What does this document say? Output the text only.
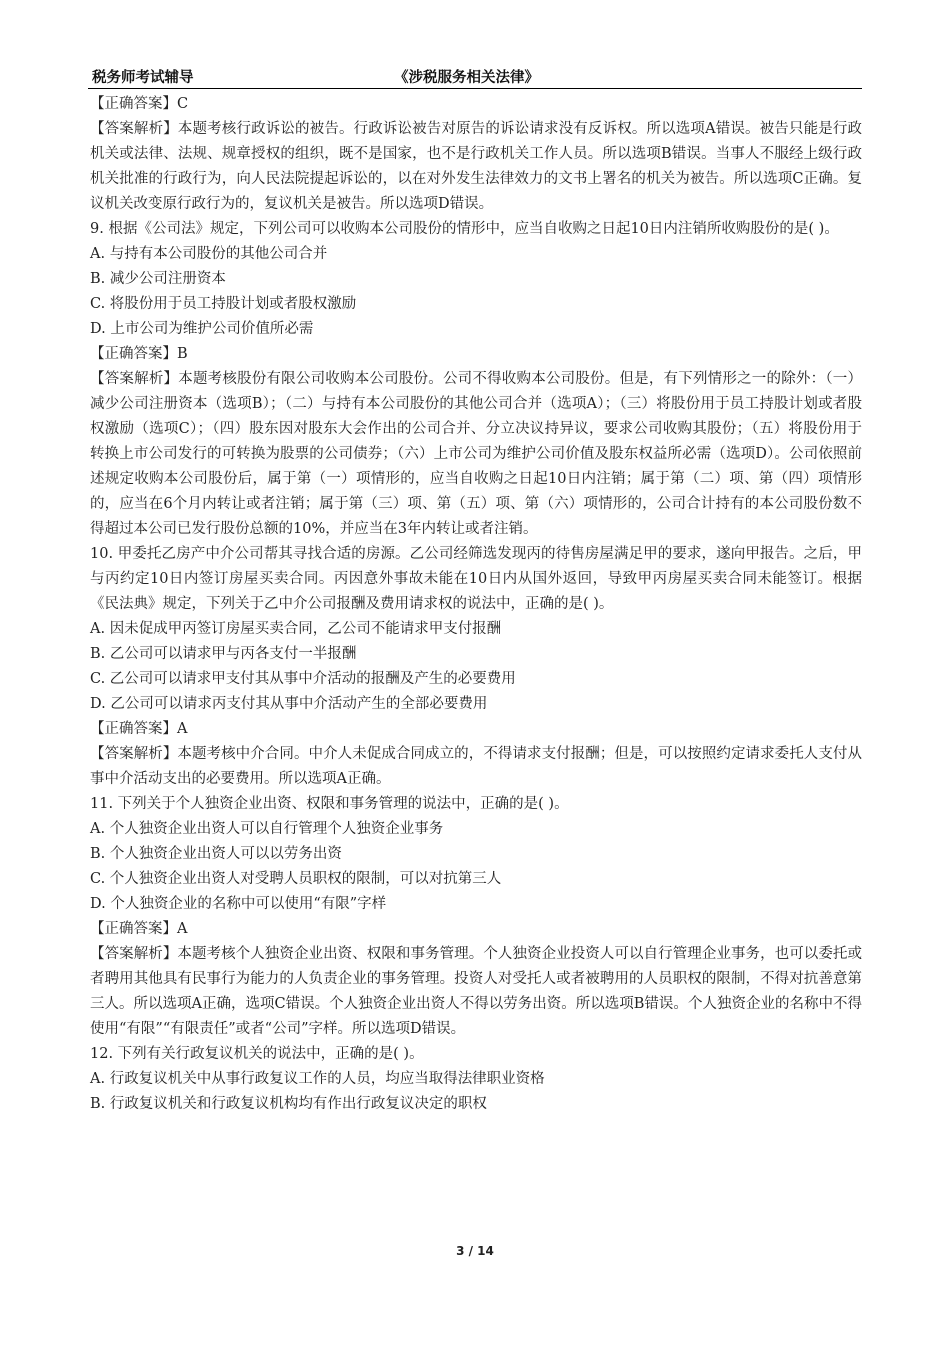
税务师考试辅导	《涉税服务相关法律》

【正确答案】C

【答案解析】本题考核行政诉讼的被告。行政诉讼被告对原告的诉讼请求没有反诉权。所以选项A错误。被告只能是行政机关或法律、法规、规章授权的组织，既不是国家，也不是行政机关工作人员。所以选项B错误。当事人不服经上级行政机关批准的行政行为，向人民法院提起诉讼的，以在对外发生法律效力的文书上署名的机关为被告。所以选项C正确。复议机关改变原行政行为的，复议机关是被告。所以选项D错误。

9. 根据《公司法》规定，下列公司可以收购本公司股份的情形中，应当自收购之日起10日内注销所收购股份的是( )。

A. 与持有本公司股份的其他公司合并

B. 减少公司注册资本

C. 将股份用于员工持股计划或者股权激励

D. 上市公司为维护公司价值所必需

【正确答案】B

【答案解析】本题考核股份有限公司收购本公司股份。公司不得收购本公司股份。但是，有下列情形之一的除外：（一）减少公司注册资本（选项B）；（二）与持有本公司股份的其他公司合并（选项A）；（三）将股份用于员工持股计划或者股权激励（选项C）；（四）股东因对股东大会作出的公司合并、分立决议持异议，要求公司收购其股份；（五）将股份用于转换上市公司发行的可转换为股票的公司债券；（六）上市公司为维护公司价值及股东权益所必需（选项D）。公司依照前述规定收购本公司股份后，属于第（一）项情形的，应当自收购之日起10日内注销；属于第（二）项、第（四）项情形的，应当在6个月内转让或者注销；属于第（三）项、第（五）项、第（六）项情形的，公司合计持有的本公司股份数不得超过本公司已发行股份总额的10%，并应当在3年内转让或者注销。

10. 甲委托乙房产中介公司帮其寻找合适的房源。乙公司经筛选发现丙的待售房屋满足甲的要求，遂向甲报告。之后，甲与丙约定10日内签订房屋买卖合同。丙因意外事故未能在10日内从国外返回，导致甲丙房屋买卖合同未能签订。根据《民法典》规定，下列关于乙中介公司报酬及费用请求权的说法中，正确的是( )。

A. 因未促成甲丙签订房屋买卖合同，乙公司不能请求甲支付报酬

B. 乙公司可以请求甲与丙各支付一半报酬

C. 乙公司可以请求甲支付其从事中介活动的报酬及产生的必要费用

D. 乙公司可以请求丙支付其从事中介活动产生的全部必要费用

【正确答案】A

【答案解析】本题考核中介合同。中介人未促成合同成立的，不得请求支付报酬；但是，可以按照约定请求委托人支付从事中介活动支出的必要费用。所以选项A正确。

11. 下列关于个人独资企业出资、权限和事务管理的说法中，正确的是( )。

A. 个人独资企业出资人可以自行管理个人独资企业事务

B. 个人独资企业出资人可以以劳务出资

C. 个人独资企业出资人对受聘人员职权的限制，可以对抗第三人

D. 个人独资企业的名称中可以使用“有限”字样

【正确答案】A

【答案解析】本题考核个人独资企业出资、权限和事务管理。个人独资企业投资人可以自行管理企业事务，也可以委托或者聘用其他具有民事行为能力的人负责企业的事务管理。投资人对受托人或者被聘用的人员职权的限制，不得对抗善意第三人。所以选项A正确，选项C错误。个人独资企业出资人不得以劳务出资。所以选项B错误。个人独资企业的名称中不得使用“有限”“有限责任”或者“公司”字样。所以选项D错误。

12. 下列有关行政复议机关的说法中，正确的是( )。

A. 行政复议机关中从事行政复议工作的人员，均应当取得法律职业资格

B. 行政复议机关和行政复议机构均有作出行政复议决定的职权

3 / 14
